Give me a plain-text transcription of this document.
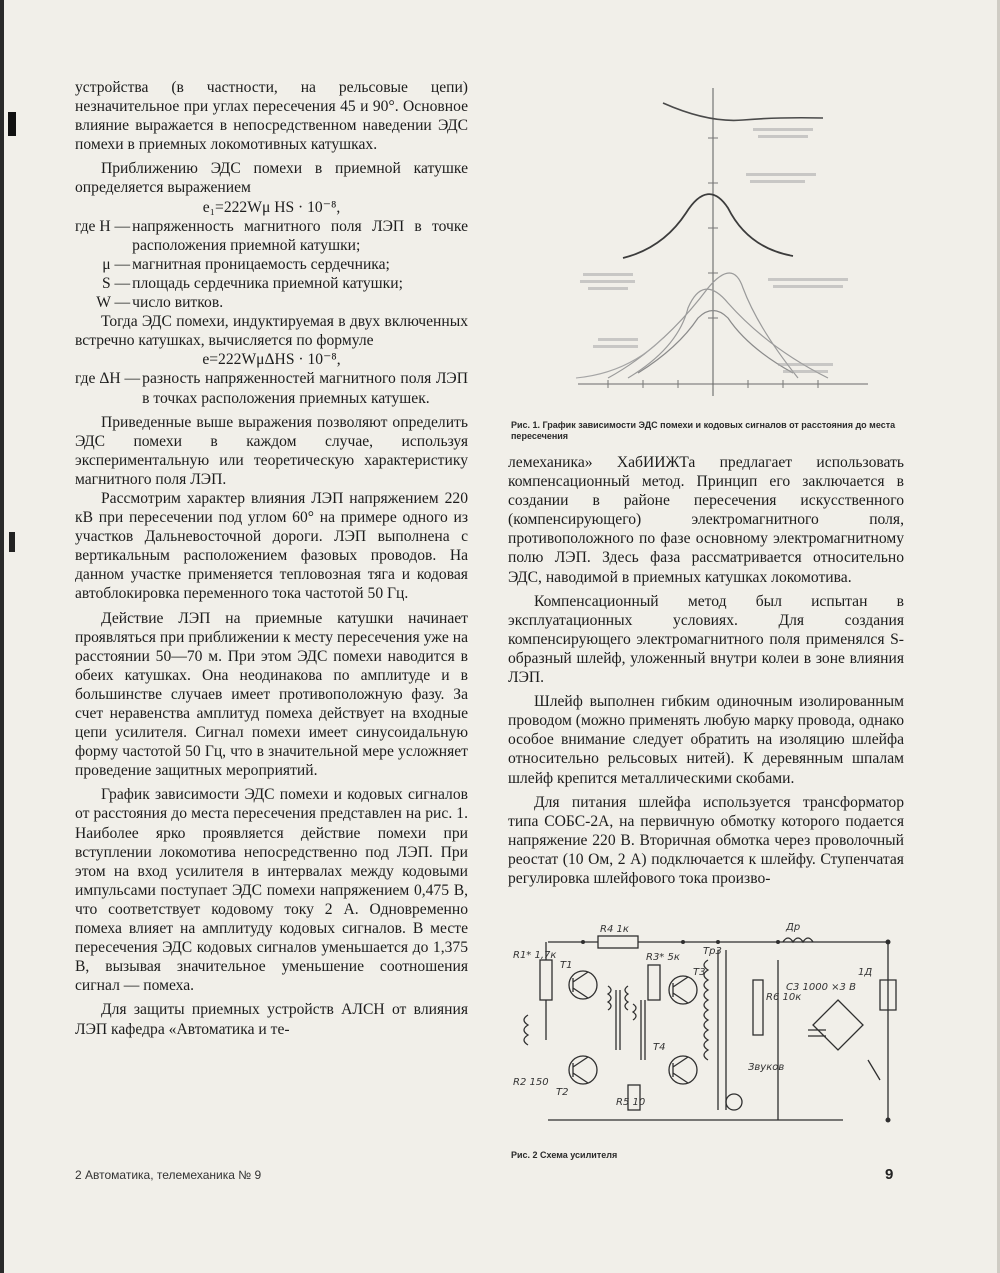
устройства (в частности, на рельсовые цепи) незначительное при углах пересечения 45 и 90°. Основное влияние выражается в непосредственном наведении ЭДС помехи в приемных локомотивных катушках.

Приближению ЭДС помехи в приемной катушке определяется выражением

e₁=222Wμ HS · 10⁻⁸,

где H — напряженность магнитного поля ЛЭП в точке расположения приемной катушки;
μ — магнитная проницаемость сердечника;
S — площадь сердечника приемной катушки;
W — число витков.

Тогда ЭДС помехи, индуктируемая в двух включенных встречно катушках, вычисляется по формуле

e=222WμΔHS · 10⁻⁸,

где ΔH — разность напряженностей магнитного поля ЛЭП в точках расположения приемных катушек.

Приведенные выше выражения позволяют определить ЭДС помехи в каждом случае, используя экспериментальную или теоретическую характеристику магнитного поля ЛЭП.

Рассмотрим характер влияния ЛЭП напряжением 220 кВ при пересечении под углом 60° на примере одного из участков Дальневосточной дороги. ЛЭП выполнена с вертикальным расположением фазовых проводов. На данном участке применяется тепловозная тяга и кодовая автоблокировка переменного тока частотой 50 Гц.

Действие ЛЭП на приемные катушки начинает проявляться при приближении к месту пересечения уже на расстоянии 50—70 м. При этом ЭДС помехи наводится в обеих катушках. Она неодинакова по амплитуде и в большинстве случаев имеет противоположную фазу. За счет неравенства амплитуд помеха действует на входные цепи усилителя. Сигнал помехи имеет синусоидальную форму частотой 50 Гц, что в значительной мере усложняет проведение защитных мероприятий.

График зависимости ЭДС помехи и кодовых сигналов от расстояния до места пересечения представлен на рис. 1. Наиболее ярко проявляется действие помехи при вступлении локомотива непосредственно под ЛЭП. При этом на вход усилителя в интервалах между кодовыми импульсами поступает ЭДС помехи напряжением 0,475 В, что соответствует кодовому току 2 А. Одновременно помеха влияет на амплитуду кодовых сигналов. В месте пересечения ЭДС кодовых сигналов уменьшается до 1,375 В, вызывая значительное уменьшение соотношения сигнал — помеха.

Для защиты приемных устройств АЛСН от влияния ЛЭП кафедра «Автоматика и те-

Рис. 1. График зависимости ЭДС помехи и кодовых сигналов от расстояния до места пересечения

лемеханика» ХабИИЖТа предлагает использовать компенсационный метод. Принцип его заключается в создании в районе пересечения искусственного (компенсирующего) электромагнитного поля, противоположного по фазе основному электромагнитному полю ЛЭП. Здесь фаза рассматривается относительно ЭДС, наводимой в приемных катушках локомотива.

Компенсационный метод был испытан в эксплуатационных условиях. Для создания компенсирующего электромагнитного поля применялся S-образный шлейф, уложенный внутри колеи в зоне влияния ЛЭП.

Шлейф выполнен гибким одиночным изолированным проводом (можно применять любую марку провода, однако особое внимание следует обратить на изоляцию шлейфа относительно рельсовых нитей). К деревянным шпалам шлейф крепится металлическими скобами.

Для питания шлейфа используется трансформатор типа СОБС-2А, на первичную обмотку которого подается напряжение 220 В. Вторичная обмотка через проволочный реостат (10 Ом, 2 А) подключается к шлейфу. Ступенчатая регулировка шлейфового тока произво-

R4 1к	Др
R1* 1,7к
T1
R3* 5к
T3
Тр3
R6 10к
Звуков
С3 1000 ×3 В
1Д
T2
T4
R5 10
R2 150
Рис. 2 Схема усилителя
2 Автоматика, телемеханика № 9	9
